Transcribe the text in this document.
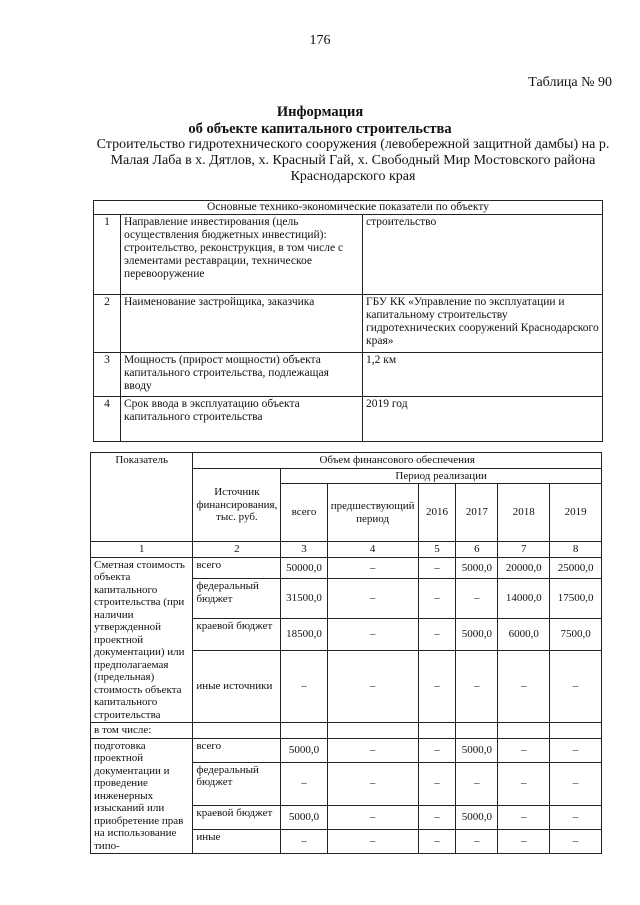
176
Таблица № 90
Информация
об объекте капитального строительства
Строительство гидротехнического сооружения (левобережной защитной дамбы) на р. Малая Лаба в х. Дятлов, х. Красный Гай, х. Свободный Мир Мостовского района Краснодарского края
Основные технико-экономические показатели по объекту		
1	Направление инвестирования (цель осуществления бюджетных инвестиций): строительство, реконструкция, в том числе с элементами реставрации, техническое перевооружение	строительство
2	Наименование застройщика, заказчика	ГБУ КК «Управление по эксплуатации и капитальному строительству гидротехнических сооружений Краснодарского края»
3	Мощность (прирост мощности) объекта капитального строительства, подлежащая вводу	1,2 км
4	Срок ввода в эксплуатацию объекта капитального строительства	2019 год
Показатель	Объем финансового обеспечения						
	Источник финансирования, тыс. руб.	Период реализации					
		всего	предшествующий период	2016	2017	2018	2019
1	2	3	4	5	6	7	8
Сметная стоимость объекта капитального строительства (при наличии утвержденной проектной документации) или предполагаемая (предельная) стоимость объекта капитального строительства	всего	50000,0	–	–	5000,0	20000,0	25000,0
	федеральный бюджет	31500,0	–	–	–	14000,0	17500,0
	краевой бюджет	18500,0	–	–	5000,0	6000,0	7500,0
	иные источники	–	–	–	–	–	–
в том числе:							
подготовка проектной документации и проведение инженерных изысканий или приобретение прав на использование типо-	всего	5000,0	–	–	5000,0	–	–
	федеральный бюджет	–	–	–	–	–	–
	краевой бюджет	5000,0	–	–	5000,0	–	–
	иные	–	–	–	–	–	–
